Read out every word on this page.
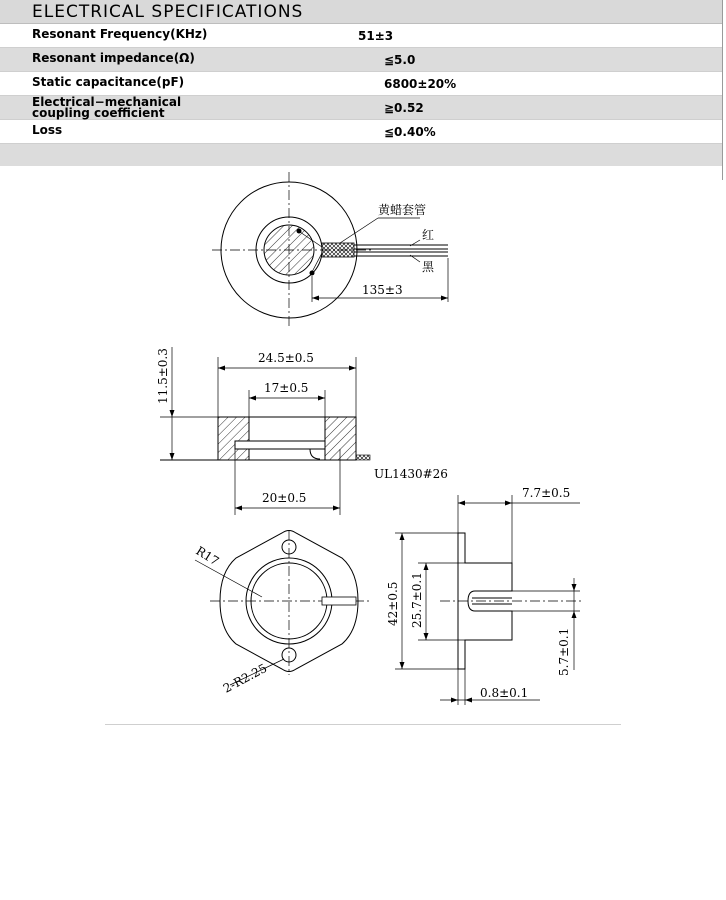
ELECTRICAL SPECIFICATIONS
Resonant Frequency(KHz)	51±3
Resonant impedance(Ω)	≦5.0
Static capacitance(pF)	6800±20%
Electrical−mechanical
coupling coefficient	≧0.52
Loss	≦0.40%
黄蜡套管
红
黑
135±3
24.5±0.5
17±0.5
20±0.5
UL1430#26
11.5±0.3
R17
2-R2.25
7.7±0.5
42±0.5 25.7±0.1
5.7±0.1
0.8±0.1
